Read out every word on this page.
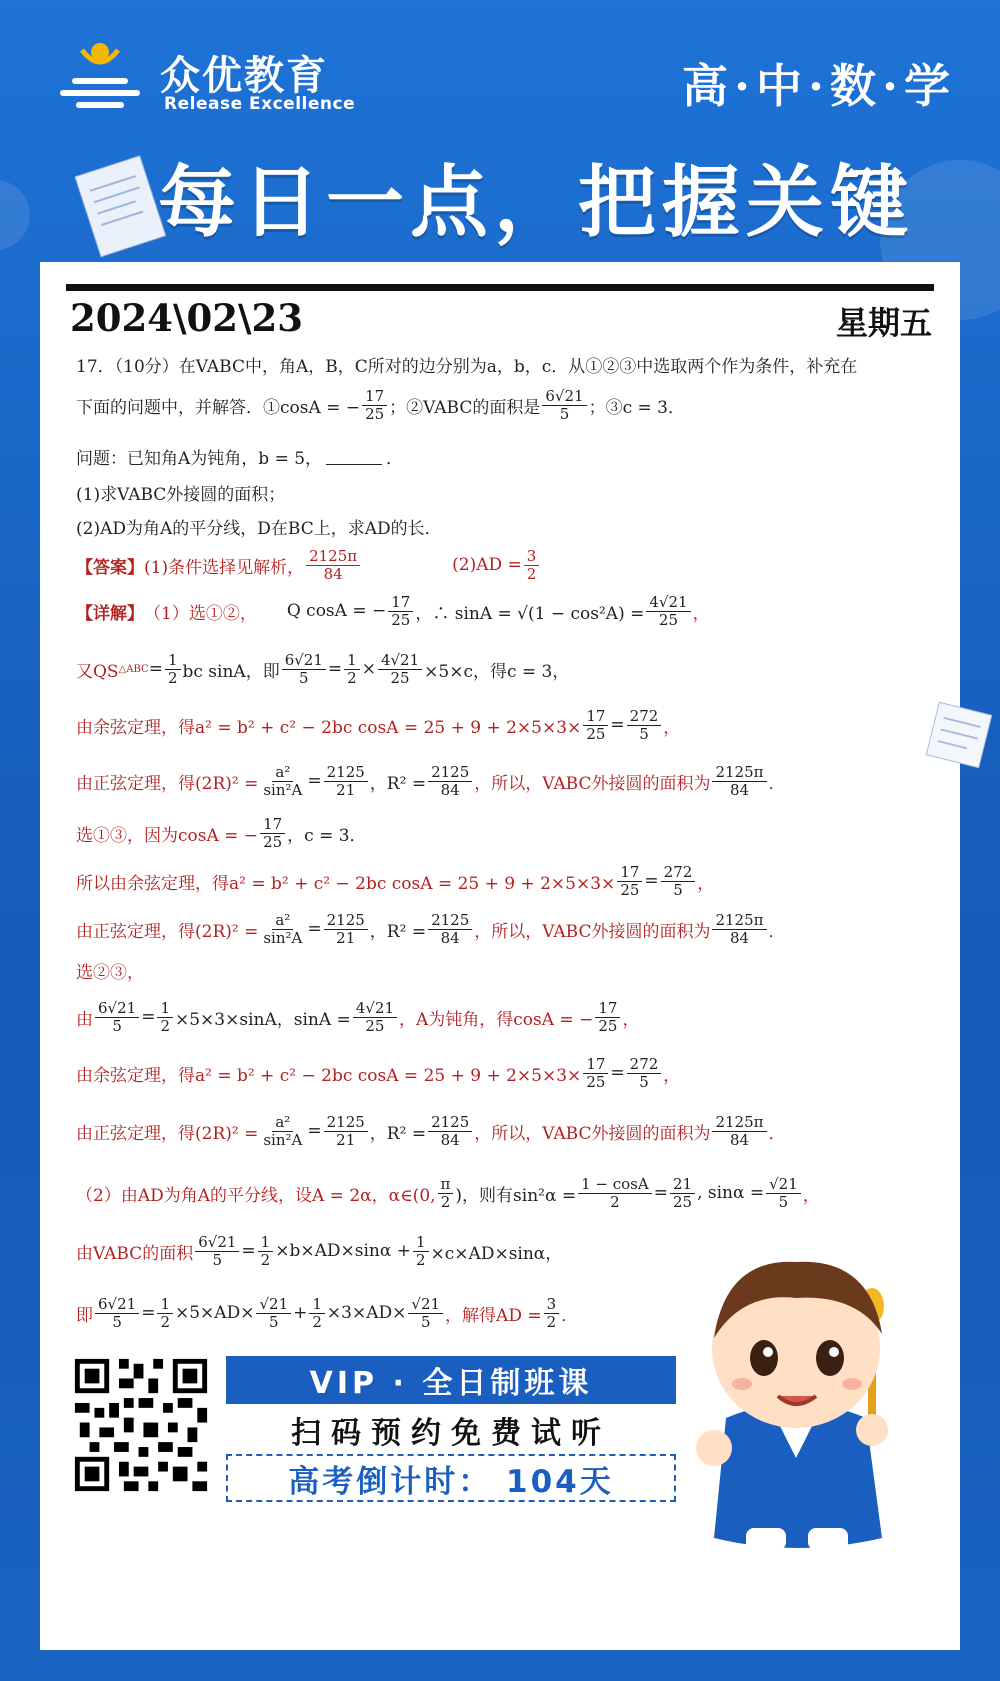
众优教育
Release Excellence	高·中·数·学
每日一点，把握关键
2024\02\23	星期五
17．（10分）在VABC中，角A，B，C所对的边分别为a，b，c．从①②③中选取两个作为条件，补充在
下面的问题中，并解答．①cosA = − $\frac{17}{25}$ ；②VABC的面积是 $\frac{6√21}{5}$ ；③c = 3．
问题：已知角A为钝角，b = 5，	．
(1)求VABC外接圆的面积；
(2)AD为角A的平分线，D在BC上，求AD的长．
【答案】 (1)条件选择见解析， $\frac{2125\pi}{84}$	$(2)AD = \frac{3}{2}$
【详解】 （1）选①②， Q cosA = − $\frac{17}{25}$ ，∴ $\sin A = √(1 - \cos^2A) = \frac{4√21}{25}$ ，
又QS △ABC = $\frac{1}{2}$ bc sinA，即 $\frac{6√21}{5} = \frac{1}{2} \times \frac{4√21}{25} \times 5\times c$，得c = 3，
由余弦定理，得a² = b² + c² − 2bc $\cos A = 25 + 9 + 2\times 5\times 3\times \frac{17}{25} = \frac{272}{5}$ ，
由正弦定理，得$(2R)^2 = \frac{\text{a²}}{\text{sin²A}} = \frac{2125}{21}$ ，$R^2 = \frac{2125}{84}$ ，所以，VABC外接圆的面积为 $\frac{2125\pi}{84}$ ．
选①③，因为cosA = − $\frac{17}{25}$ ，c = 3．
所以由余弦定理，得a² = b² + c² − 2bc $\cos A = 25 + 9 + 2\times 5\times 3\times \frac{17}{25} = \frac{272}{5}$ ，
由正弦定理，得$(2R)^2 = \frac{\text{a²}}{\text{sin²A}} = \frac{2125}{21}$ ，$R^2 = \frac{2125}{84}$ ，所以，VABC外接圆的面积为 $\frac{2125\pi}{84}$ ．
选②③，
由 $\frac{6√21}{5} = \frac{1}{2} \times 5\times 3\times\sin A$，$\sin A = \frac{4√21}{25}$ ，A为钝角，得cosA = − $\frac{17}{25}$ ，
由余弦定理，得a² = b² + c² − 2bc $\cos A = 25 + 9 + 2\times 5\times 3\times \frac{17}{25} = \frac{272}{5}$ ，
由正弦定理，得$(2R)^2 = \frac{\text{a²}}{\text{sin²A}} = \frac{2125}{21}$ ，$R^2 = \frac{2125}{84}$ ，所以，VABC外接圆的面积为 $\frac{2125\pi}{84}$ ．
（2）由AD为角A的平分线，设A = 2α，α∈(0, $\frac{\pi}{2}$ )，则有$\sin^2\alpha = \frac{1 - \cos A}{2} = \frac{21}{25}$ , $\sin\alpha = \frac{√21}{5}$ ，
由VABC的面积 $\frac{6√21}{5} = \frac{1}{2} \times b\times AD\times\sin\alpha + \frac{1}{2} \times c\times AD\times\sin\alpha$，
即 $\frac{6√21}{5} = \frac{1}{2} \times 5\times AD\times \frac{√21}{5} + \frac{1}{2} \times 3\times AD\times \frac{√21}{5}$ ，解得AD = $\frac{3}{2}$ ．
VIP · 全日制班课
扫码预约免费试听
高考倒计时： 104天
